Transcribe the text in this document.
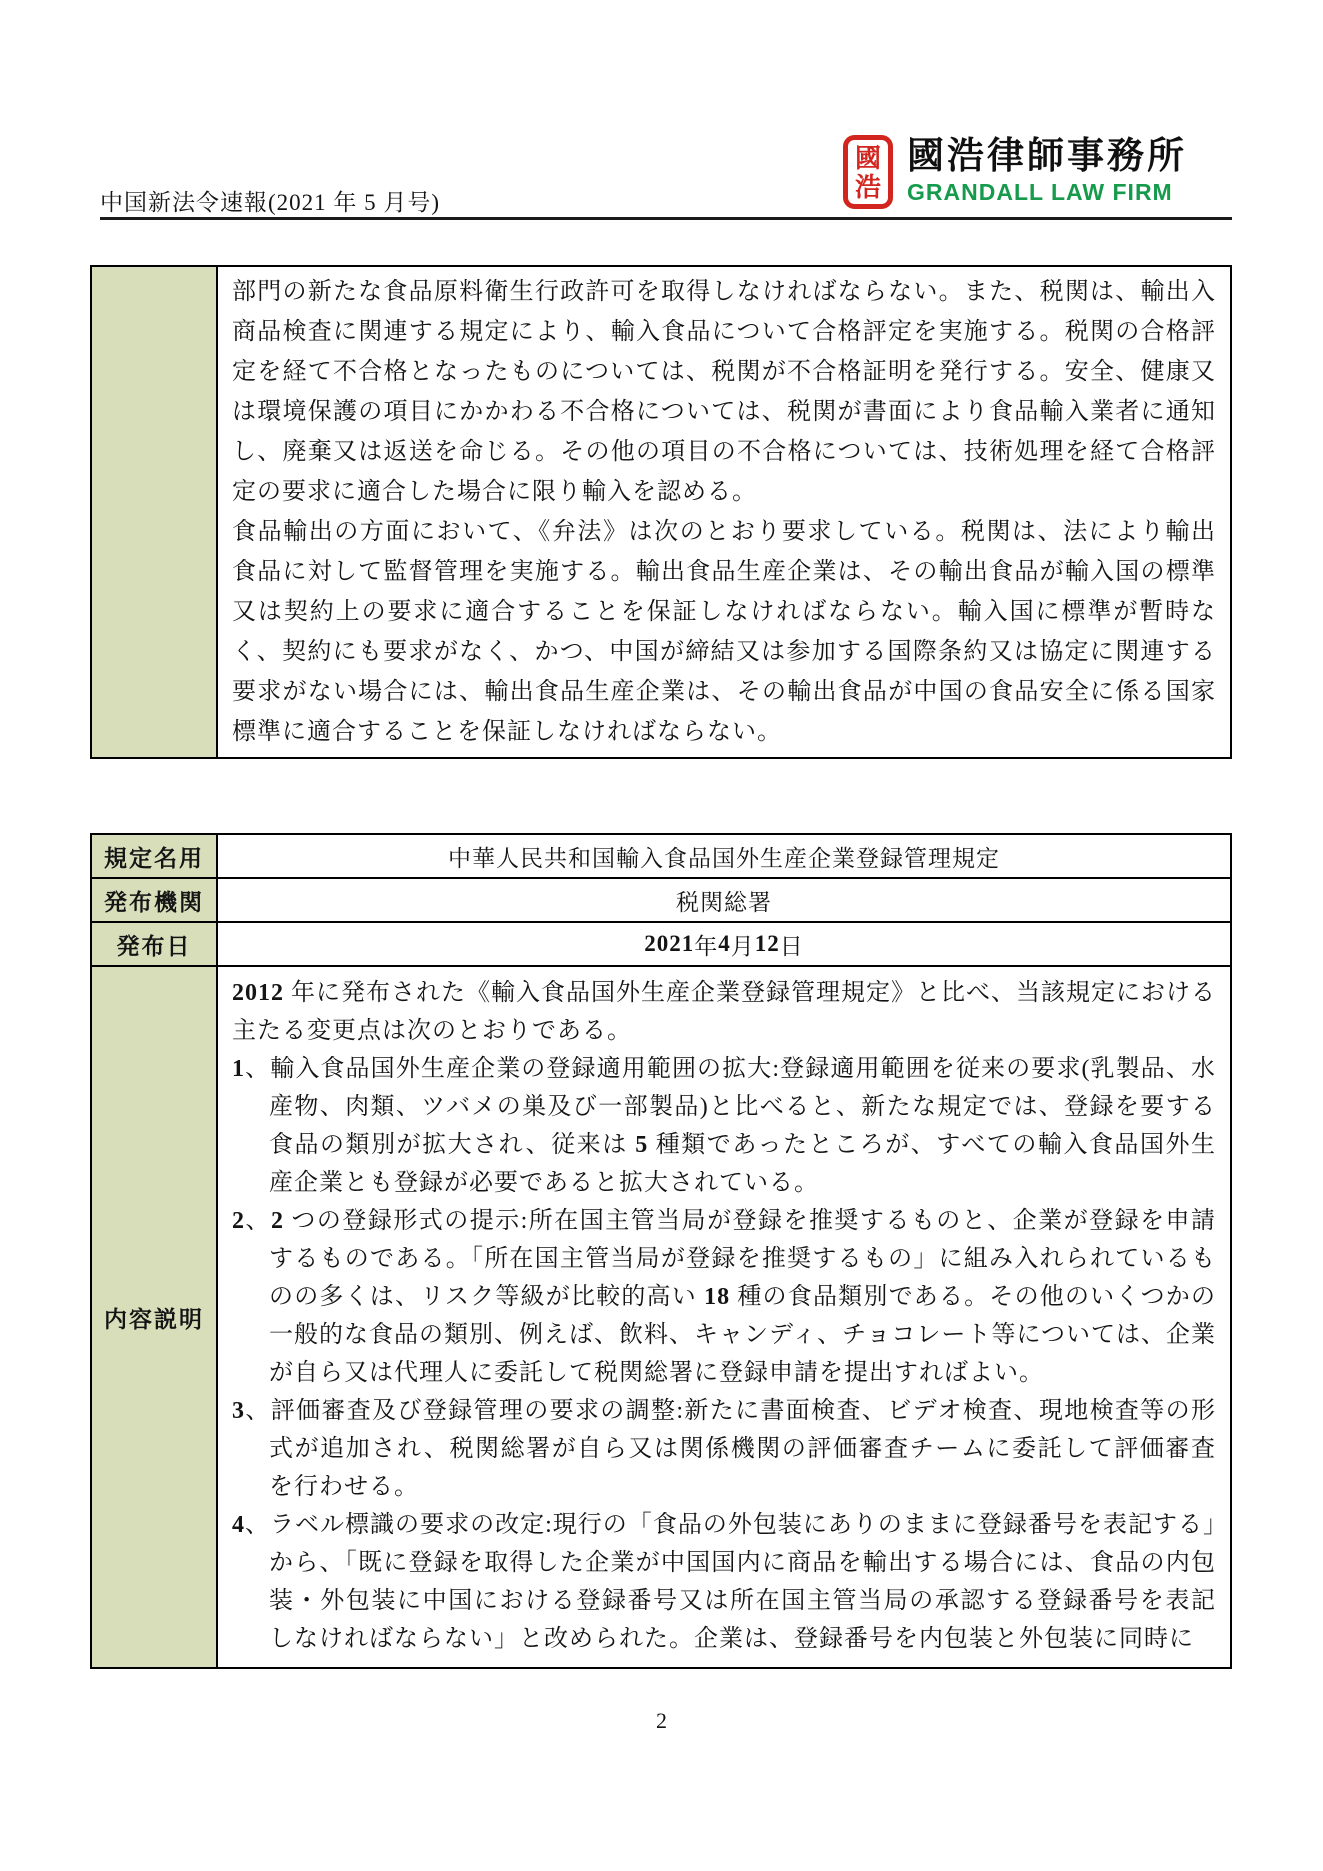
中国新法令速報(2021 年 5 月号)
國
浩
國浩律師事務所
GRANDALL LAW FIRM
部門の新たな食品原料衛生行政許可を取得しなければならない。また、税関は、輸出入商品検査に関連する規定により、輸入食品について合格評定を実施する。税関の合格評定を経て不合格となったものについては、税関が不合格証明を発行する。安全、健康又は環境保護の項目にかかわる不合格については、税関が書面により食品輸入業者に通知し、廃棄又は返送を命じる。その他の項目の不合格については、技術処理を経て合格評定の要求に適合した場合に限り輸入を認める。
食品輸出の方面において、《弁法》は次のとおり要求している。税関は、法により輸出食品に対して監督管理を実施する。輸出食品生産企業は、その輸出食品が輸入国の標準又は契約上の要求に適合することを保証しなければならない。輸入国に標準が暫時なく、契約にも要求がなく、かつ、中国が締結又は参加する国際条約又は協定に関連する要求がない場合には、輸出食品生産企業は、その輸出食品が中国の食品安全に係る国家標準に適合することを保証しなければならない。
規定名用	中華人民共和国輸入食品国外生産企業登録管理規定
発布機関	税関総署
発布日	2021 年 4 月 12 日
内容説明
2012 年に発布された《輸入食品国外生産企業登録管理規定》と比べ、当該規定における主たる変更点は次のとおりである。
1、輸入食品国外生産企業の登録適用範囲の拡大:登録適用範囲を従来の要求(乳製品、水産物、肉類、ツバメの巣及び一部製品)と比べると、新たな規定では、登録を要する食品の類別が拡大され、従来は 5 種類であったところが、すべての輸入食品国外生産企業とも登録が必要であると拡大されている。
2、2 つの登録形式の提示:所在国主管当局が登録を推奨するものと、企業が登録を申請するものである。「所在国主管当局が登録を推奨するもの」に組み入れられているものの多くは、リスク等級が比較的高い 18 種の食品類別である。その他のいくつかの一般的な食品の類別、例えば、飲料、キャンディ、チョコレート等については、企業が自ら又は代理人に委託して税関総署に登録申請を提出すればよい。
3、評価審査及び登録管理の要求の調整:新たに書面検査、ビデオ検査、現地検査等の形式が追加され、税関総署が自ら又は関係機関の評価審査チームに委託して評価審査を行わせる。
4、ラベル標識の要求の改定:現行の「食品の外包装にありのままに登録番号を表記する」から、「既に登録を取得した企業が中国国内に商品を輸出する場合には、食品の内包装・外包装に中国における登録番号又は所在国主管当局の承認する登録番号を表記しなければならない」と改められた。企業は、登録番号を内包装と外包装に同時に
2
